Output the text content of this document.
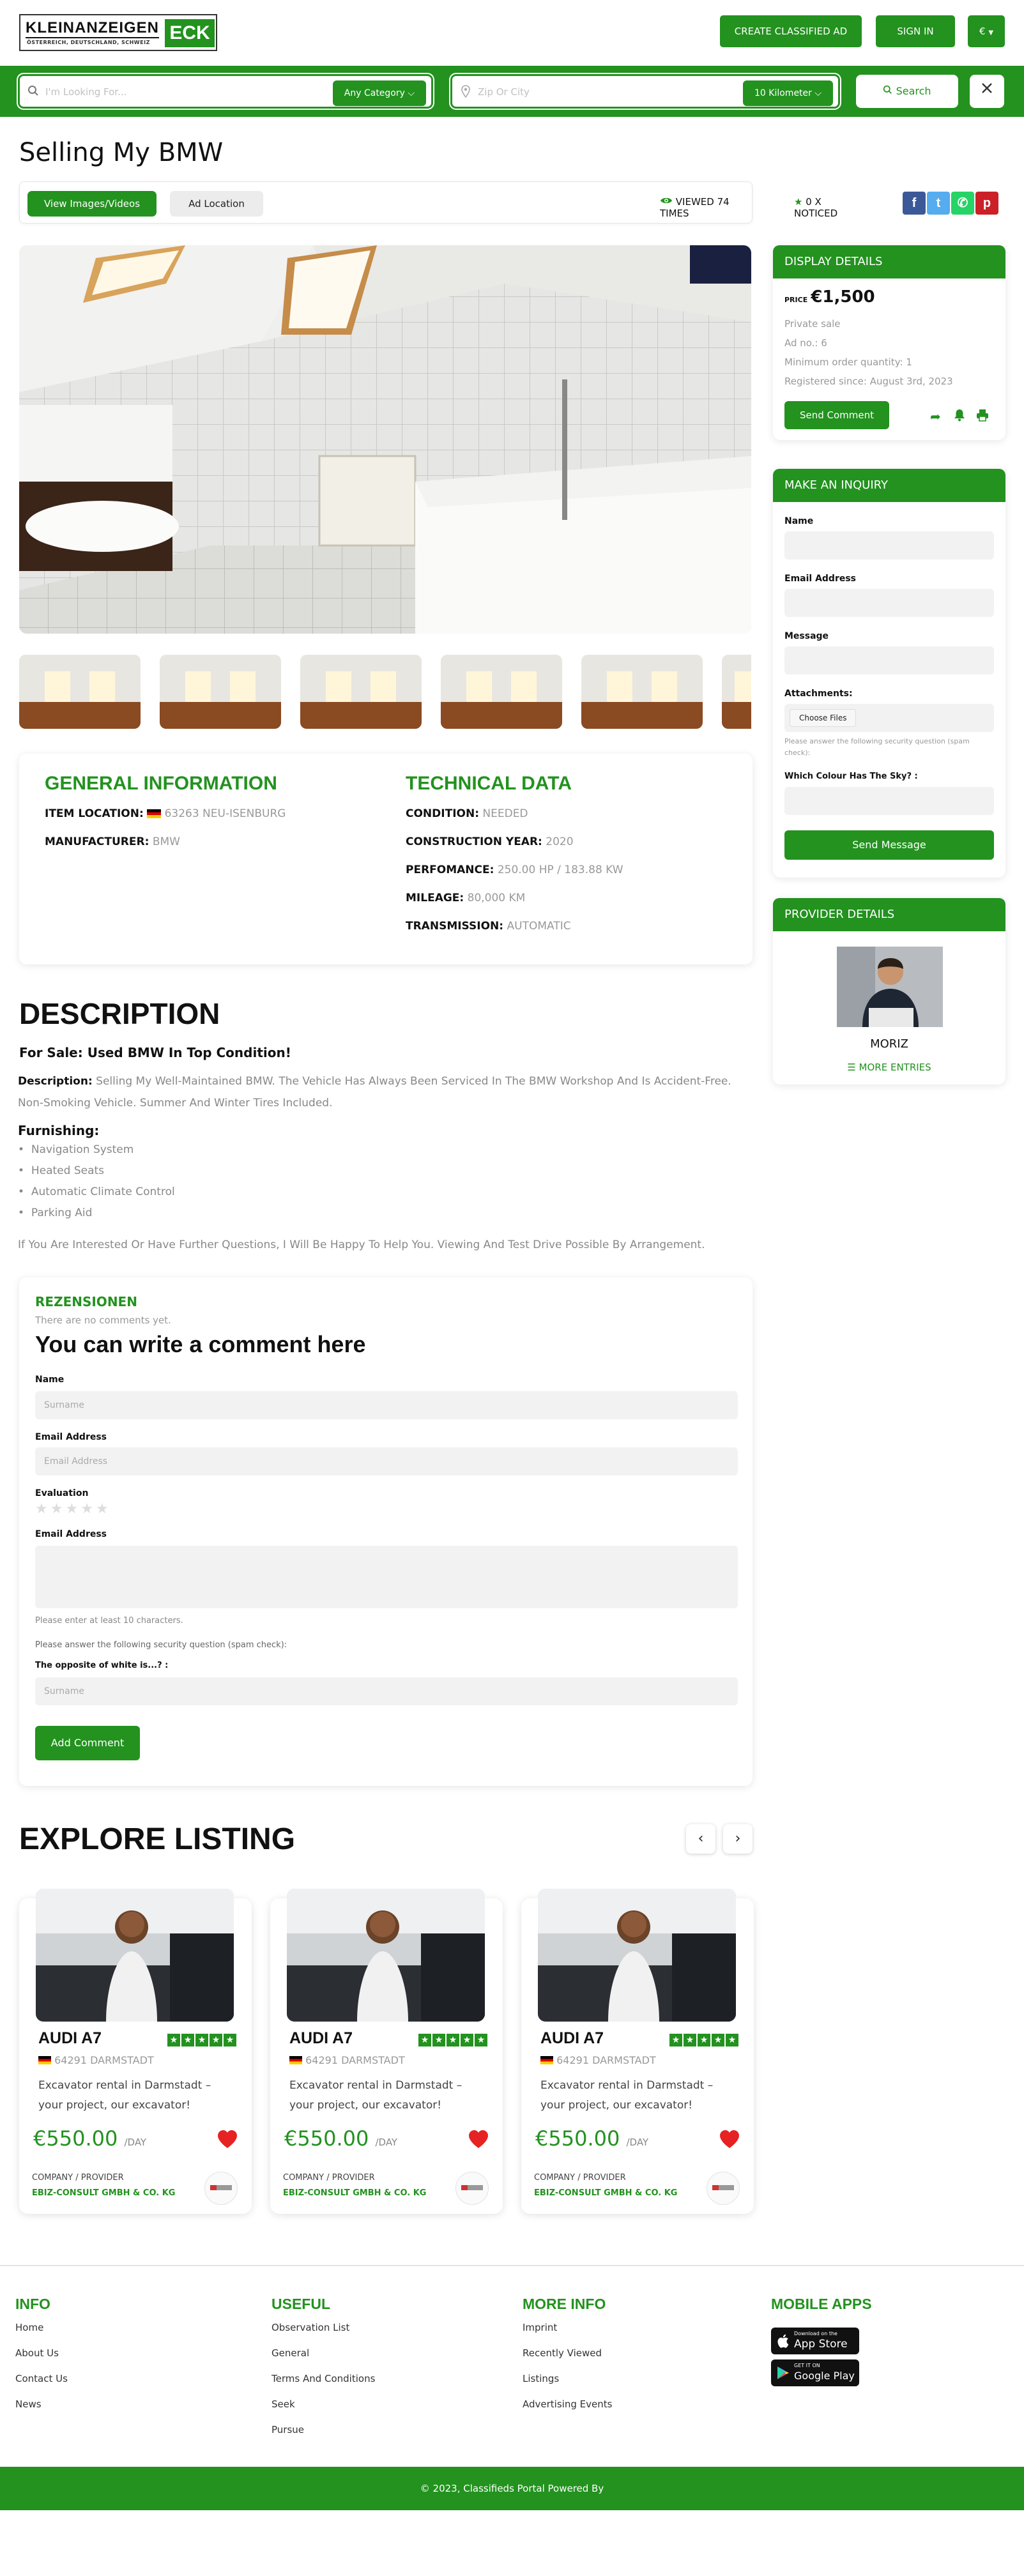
KLEINANZEIGEN
ÖSTERREICH, DEUTSCHLAND, SCHWEIZ ECK	CREATE CLASSIFIED AD	SIGN IN	€ ▼
I'm Looking For...	Any Category ⌵	Zip Or City	10 Kilometer ⌵	Search
Selling My BMW
View Images/Videos	Ad Location	VIEWED 74 TIMES
★ 0 X NOTICED
f	t	✆	p
GENERAL INFORMATION
ITEM LOCATION: 63263 NEU-ISENBURG
MANUFACTURER: BMW
TECHNICAL DATA
CONDITION: NEEDED
CONSTRUCTION YEAR: 2020
PERFOMANCE: 250.00 HP / 183.88 KW
MILEAGE: 80,000 KM
TRANSMISSION: AUTOMATIC
DESCRIPTION
For Sale: Used BMW In Top Condition!
Description: Selling My Well-Maintained BMW. The Vehicle Has Always Been Serviced In The BMW Workshop And Is Accident-Free. Non-Smoking Vehicle. Summer And Winter Tires Included.
Furnishing:
•  Navigation System
•  Heated Seats
•  Automatic Climate Control
•  Parking Aid
If You Are Interested Or Have Further Questions, I Will Be Happy To Help You. Viewing And Test Drive Possible By Arrangement.
DISPLAY DETAILS
PRICE €1,500
Private sale
Ad no.: 6
Minimum order quantity: 1
Registered since: August 3rd, 2023
Send Comment	➦
MAKE AN INQUIRY
Name
Email Address
Message
Attachments:
Choose Files
Please answer the following security question (spam check):
Which Colour Has The Sky? :
Send Message
PROVIDER DETAILS
MORIZ
☰ MORE ENTRIES
REZENSIONEN
There are no comments yet.
You can write a comment here
Name
Surname
Email Address
Email Address
Evaluation
★★★★★
Email Address
Please enter at least 10 characters.
Please answer the following security question (spam check):
The opposite of white is...? :
Surname
Add Comment
EXPLORE LISTING	‹	›
AUDI A7	★ ★ ★ ★ ★
64291 DARMSTADT
Excavator rental in Darmstadt – your project, our excavator!
€550.00 /DAY
COMPANY / PROVIDER
EBIZ-CONSULT GMBH & CO. KG
AUDI A7	★ ★ ★ ★ ★
64291 DARMSTADT
Excavator rental in Darmstadt – your project, our excavator!
€550.00 /DAY
COMPANY / PROVIDER
EBIZ-CONSULT GMBH & CO. KG
AUDI A7	★ ★ ★ ★ ★
64291 DARMSTADT
Excavator rental in Darmstadt – your project, our excavator!
€550.00 /DAY
COMPANY / PROVIDER
EBIZ-CONSULT GMBH & CO. KG
INFO
Home
About Us
Contact Us
News
USEFUL
Observation List
General
Terms And Conditions
Seek
Pursue
MORE INFO
Imprint
Recently Viewed
Listings
Advertising Events
MOBILE APPS
Download on the
App Store
GET IT ON
Google Play
© 2023, Classifieds Portal Powered By
